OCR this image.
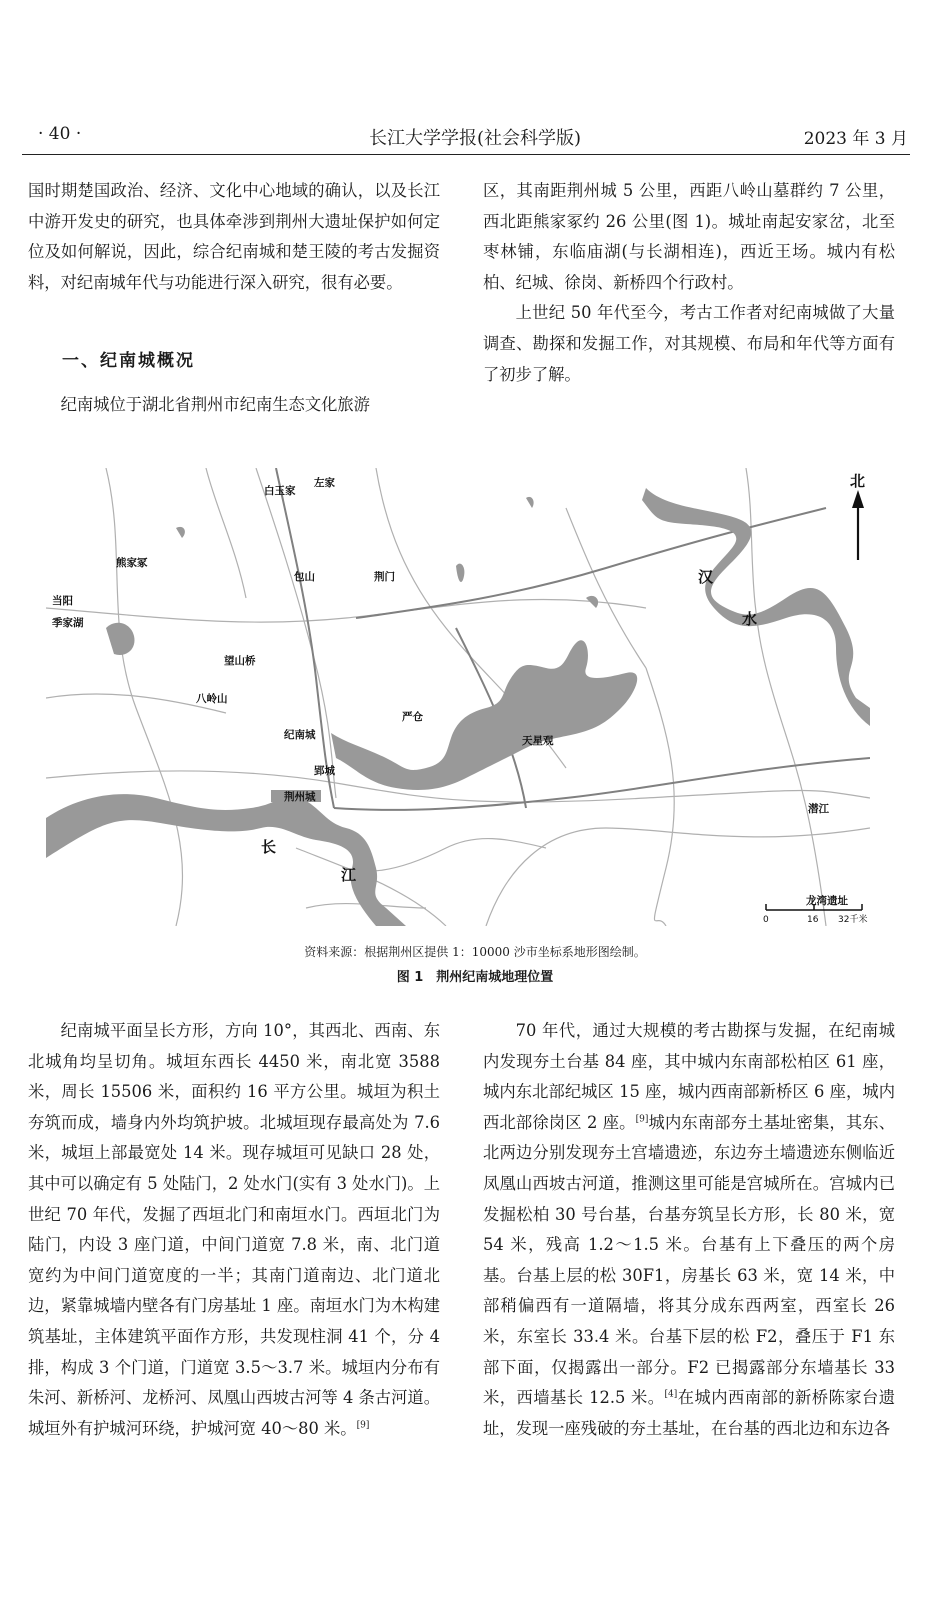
· 40 ·	长江大学学报(社会科学版)	2023 年 3 月

国时期楚国政治、经济、文化中心地域的确认，以及长江中游开发史的研究，也具体牵涉到荆州大遗址保护如何定位及如何解说，因此，综合纪南城和楚王陵的考古发掘资料，对纪南城年代与功能进行深入研究，很有必要。

一、纪南城概况

纪南城位于湖北省荆州市纪南生态文化旅游

区，其南距荆州城 5 公里，西距八岭山墓群约 7 公里，西北距熊家冢约 26 公里(图 1)。城址南起安家岔，北至枣林铺，东临庙湖(与长湖相连)，西近王场。城内有松柏、纪城、徐岗、新桥四个行政村。

上世纪 50 年代至今，考古工作者对纪南城做了大量调查、勘探和发掘工作，对其规模、布局和年代等方面有了初步了解。

白玉家
左家
熊家冢
包山	荆门
当阳
季家湖
望山桥
八岭山
纪南城
严仓
天星观
郢城
荆州城
长
江
汉
水
潜江
龙湾遗址
北
0	16 32千米
资料来源：根据荆州区提供 1：10000 沙市坐标系地形图绘制。
图 1　荆州纪南城地理位置

纪南城平面呈长方形，方向 10°，其西北、西南、东北城角均呈切角。城垣东西长 4450 米，南北宽 3588 米，周长 15506 米，面积约 16 平方公里。城垣为积土夯筑而成，墙身内外均筑护坡。北城垣现存最高处为 7.6 米，城垣上部最宽处 14 米。现存城垣可见缺口 28 处，其中可以确定有 5 处陆门，2 处水门(实有 3 处水门)。上世纪 70 年代，发掘了西垣北门和南垣水门。西垣北门为陆门，内设 3 座门道，中间门道宽 7.8 米，南、北门道宽约为中间门道宽度的一半；其南门道南边、北门道北边，紧靠城墙内壁各有门房基址 1 座。南垣水门为木构建筑基址，主体建筑平面作方形，共发现柱洞 41 个，分 4 排，构成 3 个门道，门道宽 3.5～3.7 米。城垣内分布有朱河、新桥河、龙桥河、凤凰山西坡古河等 4 条古河道。城垣外有护城河环绕，护城河宽 40～80 米。[9]

70 年代，通过大规模的考古勘探与发掘，在纪南城内发现夯土台基 84 座，其中城内东南部松柏区 61 座，城内东北部纪城区 15 座，城内西南部新桥区 6 座，城内西北部徐岗区 2 座。[9]城内东南部夯土基址密集，其东、北两边分别发现夯土宫墙遗迹，东边夯土墙遗迹东侧临近凤凰山西坡古河道，推测这里可能是宫城所在。宫城内已发掘松柏 30 号台基，台基夯筑呈长方形，长 80 米，宽 54 米，残高 1.2～1.5 米。台基有上下叠压的两个房基。台基上层的松 30F1，房基长 63 米，宽 14 米，中部稍偏西有一道隔墙，将其分成东西两室，西室长 26 米，东室长 33.4 米。台基下层的松 F2，叠压于 F1 东部下面，仅揭露出一部分。F2 已揭露部分东墙基长 33 米，西墙基长 12.5 米。[4]在城内西南部的新桥陈家台遗址，发现一座残破的夯土基址，在台基的西北边和东边各
